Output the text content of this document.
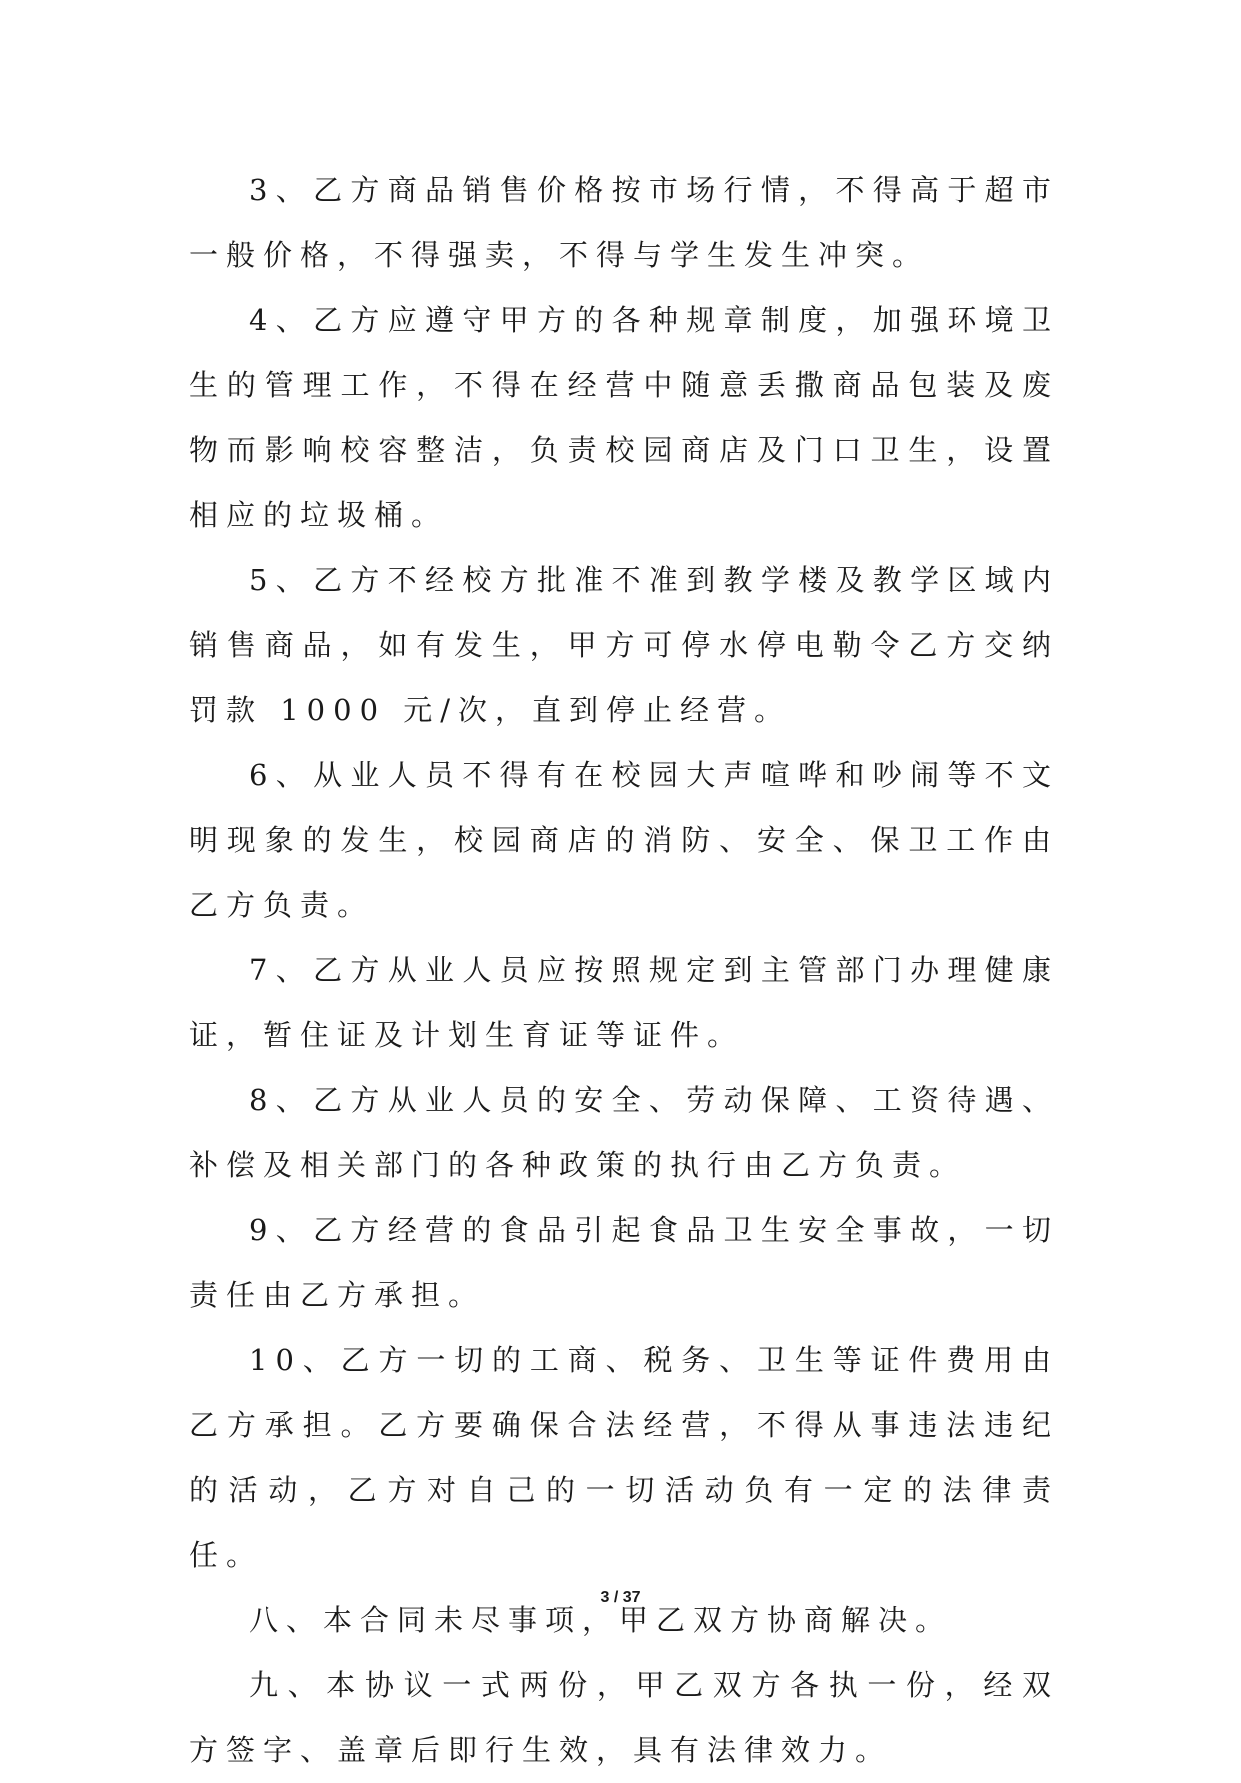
3、乙方商品销售价格按市场行情，不得高于超市一般价格，不得强卖，不得与学生发生冲突。

4、乙方应遵守甲方的各种规章制度，加强环境卫生的管理工作，不得在经营中随意丢撒商品包装及废物而影响校容整洁，负责校园商店及门口卫生，设置相应的垃圾桶。

5、乙方不经校方批准不准到教学楼及教学区域内销售商品，如有发生，甲方可停水停电勒令乙方交纳罚款 1000 元/次，直到停止经营。

6、从业人员不得有在校园大声喧哗和吵闹等不文明现象的发生，校园商店的消防、安全、保卫工作由乙方负责。

7、乙方从业人员应按照规定到主管部门办理健康证，暂住证及计划生育证等证件。

8、乙方从业人员的安全、劳动保障、工资待遇、补偿及相关部门的各种政策的执行由乙方负责。

9、乙方经营的食品引起食品卫生安全事故，一切责任由乙方承担。

10、乙方一切的工商、税务、卫生等证件费用由乙方承担。乙方要确保合法经营，不得从事违法违纪的活动，乙方对自己的一切活动负有一定的法律责任。

八、本合同未尽事项，甲乙双方协商解决。

九、本协议一式两份，甲乙双方各执一份，经双方签字、盖章后即行生效，具有法律效力。

3 / 37
